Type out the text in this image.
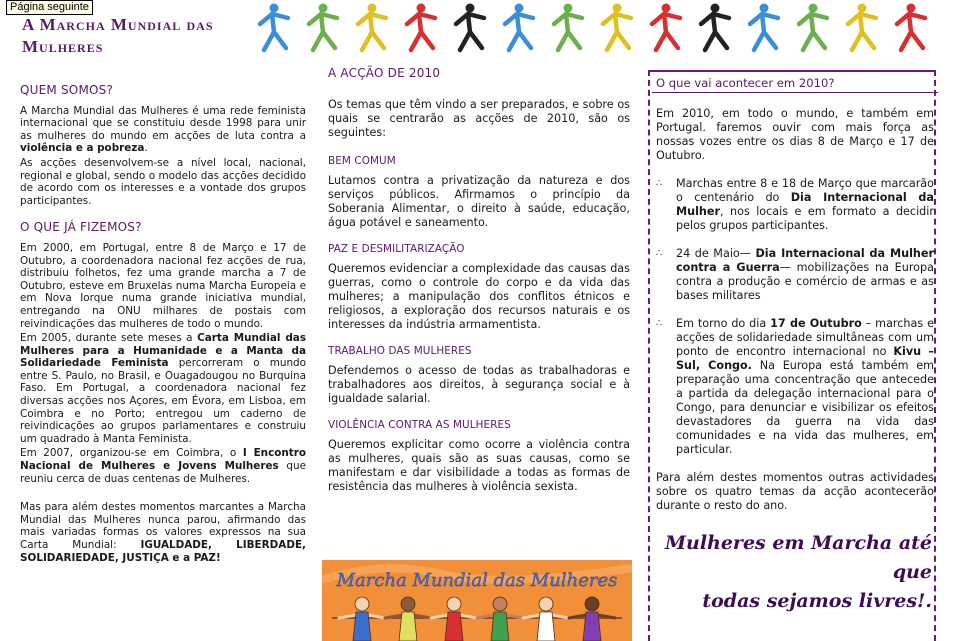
Página seguinte
A Marcha Mundial das Mulheres
QUEM SOMOS?
A Marcha Mundial das Mulheres é uma rede feminista internacional que se constituiu desde 1998 para unir as mulheres do mundo em acções de luta contra a violência e a pobreza.
As acções desenvolvem-se a nível local, nacional, regional e global, sendo o modelo das acções decidido de acordo com os interesses e a vontade dos grupos participantes.
O QUE JÁ FIZEMOS?
Em 2000, em Portugal, entre 8 de Março e 17 de Outubro, a coordenadora nacional fez acções de rua, distribuiu folhetos, fez uma grande marcha a 7 de Outubro, esteve em Bruxelas numa Marcha Europeia e em Nova Iorque numa grande iniciativa mundial, entregando na ONU milhares de postais com reivindicações das mulheres de todo o mundo.
Em 2005, durante sete meses a Carta Mundial das Mulheres para a Humanidade e a Manta da Solidariedade Feminista percorreram o mundo entre S. Paulo, no Brasil, e Ouagadougou no Burquina Faso. Em Portugal, a coordenadora nacional fez diversas acções nos Açores, em Évora, em Lisboa, em Coimbra e no Porto; entregou um caderno de reivindicações ao grupos parlamentares e construiu um quadrado à Manta Feminista.
Em 2007, organizou-se em Coimbra, o I Encontro Nacional de Mulheres e Jovens Mulheres que reuniu cerca de duas centenas de Mulheres.
Mas para além destes momentos marcantes a Marcha Mundial das Mulheres nunca parou, afirmando das mais variadas formas os valores expressos na sua Carta Mundial: IGUALDADE, LIBERDADE, SOLIDARIEDADE, JUSTIÇA e a PAZ!
A ACÇÃO DE 2010
Os temas que têm vindo a ser preparados, e sobre os quais se centrarão as acções de 2010, são os seguintes:
BEM COMUM
Lutamos contra a privatização da natureza e dos serviços públicos. Afirmamos o princípio da Soberania Alimentar, o direito à saúde, educação, água potável e saneamento.
PAZ E DESMILITARIZAÇÃO
Queremos evidenciar a complexidade das causas das guerras, como o controle do corpo e da vida das mulheres; a manipulação dos conflitos étnicos e religiosos, a exploração dos recursos naturais e os interesses da indústria armamentista.
TRABALHO DAS MULHERES
Defendemos o acesso de todas as trabalhadoras e trabalhadores aos direitos, à segurança social e à igualdade salarial.
VIOLÊNCIA CONTRA AS MULHERES
Queremos explicitar como ocorre a violência contra as mulheres, quais são as suas causas, como se manifestam e dar visibilidade a todas as formas de resistência das mulheres à violência sexista.
Marcha Mundial das Mulheres
O que vai acontecer em 2010?
Em 2010, em todo o mundo, e também em Portugal. faremos ouvir com mais força as nossas vozes entre os dias 8 de Março e 17 de Outubro.
∴	Marchas entre 8 e 18 de Março que marcarão o centenário do Dia Internacional da Mulher, nos locais e em formato a decidir pelos grupos participantes.
∴	24 de Maio— Dia Internacional da Mulher contra a Guerra— mobilizações na Europa contra a produção e comércio de armas e as bases militares
∴	Em torno do dia 17 de Outubro – marchas e acções de solidariedade simultâneas com um ponto de encontro internacional no Kivu –Sul, Congo. Na Europa está também em preparação uma concentração que antecede a partida da delegação internacional para o Congo, para denunciar e visibilizar os efeitos devastadores da guerra na vida das comunidades e na vida das mulheres, em particular.
Para além destes momentos outras actividades sobre os quatro temas da acção acontecerão durante o resto do ano.
Mulheres em Marcha até que
todas sejamos livres!.
